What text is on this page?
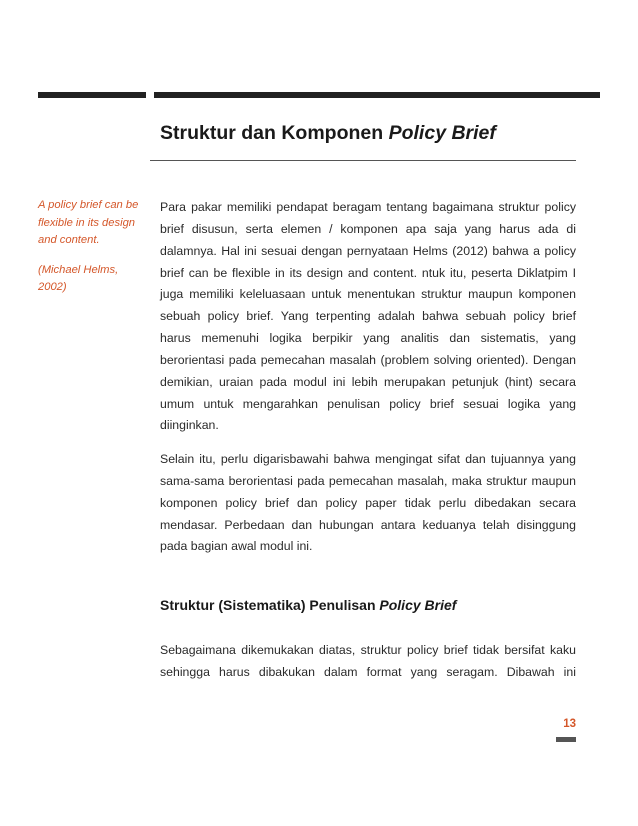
Struktur dan Komponen Policy Brief
A policy brief can be
flexible in its design
and content.
(Michael Helms,
2002)
Para pakar memiliki pendapat beragam tentang bagaimana struktur policy
brief disusun, serta elemen / komponen apa saja yang harus ada di
dalamnya. Hal ini sesuai dengan pernyataan Helms (2012) bahwa a policy
brief can be flexible in its design and content. ntuk itu, peserta Diklatpim I
juga memiliki keleluasaan untuk menentukan struktur maupun komponen
sebuah policy brief. Yang terpenting adalah bahwa sebuah policy brief
harus memenuhi logika berpikir yang analitis dan sistematis, yang
berorientasi pada pemecahan masalah (problem solving oriented). Dengan
demikian, uraian pada modul ini lebih merupakan petunjuk (hint) secara
umum untuk mengarahkan penulisan policy brief sesuai logika yang
diinginkan.
Selain itu, perlu digarisbawahi bahwa mengingat sifat dan tujuannya yang
sama-sama berorientasi pada pemecahan masalah, maka struktur maupun
komponen policy brief dan policy paper tidak perlu dibedakan secara
mendasar. Perbedaan dan hubungan antara keduanya telah disinggung
pada bagian awal modul ini.
Struktur (Sistematika) Penulisan Policy Brief
Sebagaimana dikemukakan diatas, struktur policy brief tidak bersifat kaku
sehingga harus dibakukan dalam format yang seragam. Dibawah ini
13
